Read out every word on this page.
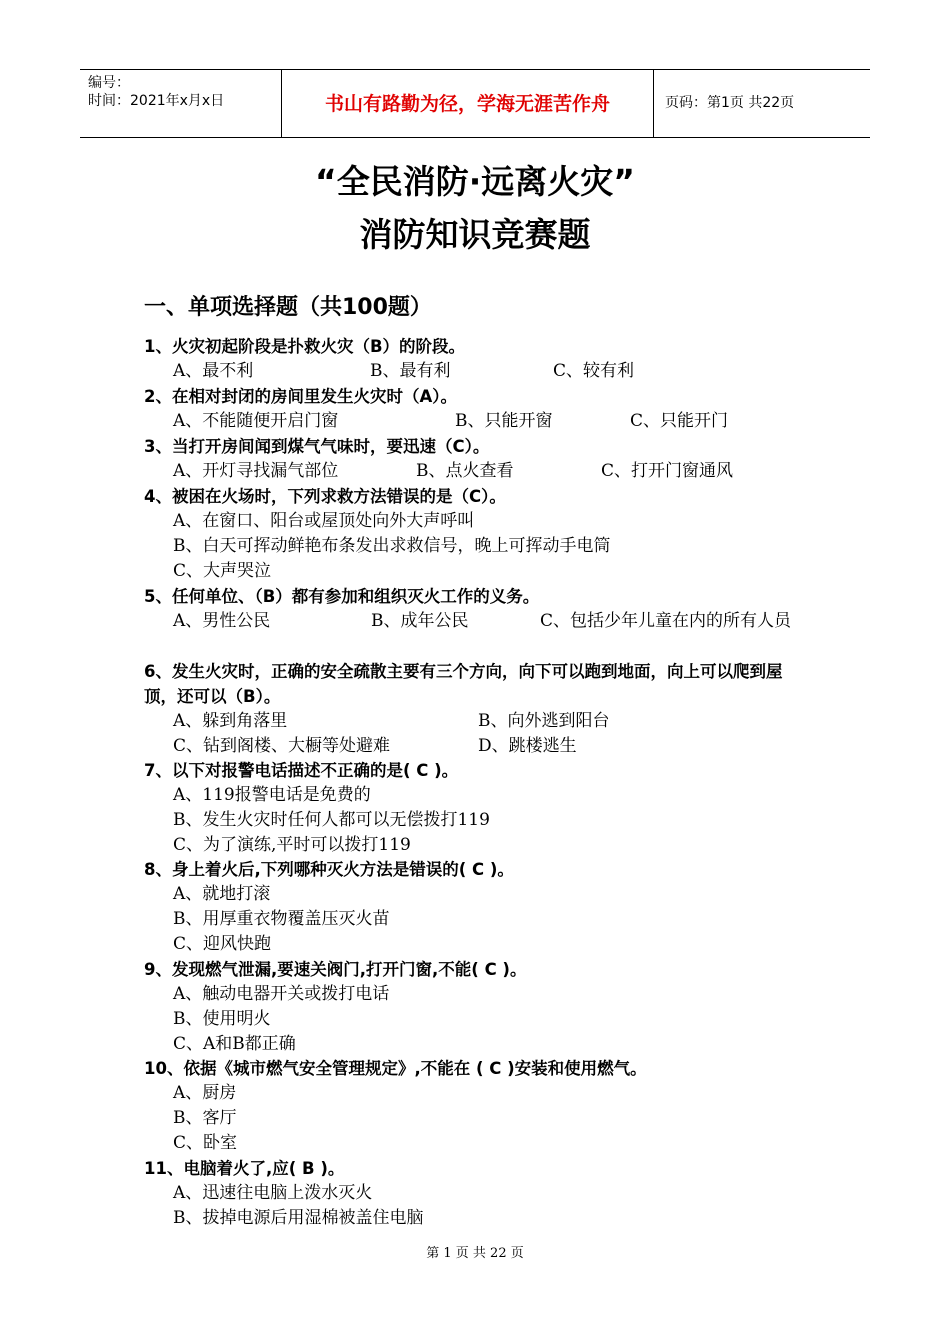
编号：
时间：2021年x月x日	书山有路勤为径，学海无涯苦作舟	页码：第1页 共22页
“全民消防·远离火灾”
消防知识竞赛题
一、单项选择题（共100题）
1、火灾初起阶段是扑救火灾（B）的阶段。
A、最不利	B、最有利	C、较有利
2、在相对封闭的房间里发生火灾时（A）。
A、不能随便开启门窗	B、只能开窗	C、只能开门
3、当打开房间闻到煤气气味时，要迅速（C）。
A、开灯寻找漏气部位	B、点火查看	C、打开门窗通风
4、被困在火场时，下列求救方法错误的是（C）。
A、在窗口、阳台或屋顶处向外大声呼叫
B、白天可挥动鲜艳布条发出求救信号，晚上可挥动手电筒
C、大声哭泣
5、任何单位、（B）都有参加和组织灭火工作的义务。
A、男性公民	B、成年公民	C、包括少年儿童在内的所有人员
6、发生火灾时，正确的安全疏散主要有三个方向，向下可以跑到地面，向上可以爬到屋顶，还可以（B）。
A、躲到角落里	B、向外逃到阳台
C、钻到阁楼、大橱等处避难	D、跳楼逃生
7、以下对报警电话描述不正确的是( C )。
A、119报警电话是免费的
B、发生火灾时任何人都可以无偿拨打119
C、为了演练,平时可以拨打119
8、身上着火后,下列哪种灭火方法是错误的( C )。
A、就地打滚
B、用厚重衣物覆盖压灭火苗
C、迎风快跑
9、发现燃气泄漏,要速关阀门,打开门窗,不能( C )。
A、触动电器开关或拨打电话
B、使用明火
C、A和B都正确
10、依据《城市燃气安全管理规定》,不能在 ( C )安装和使用燃气。
A、厨房
B、客厅
C、卧室
11、电脑着火了,应( B )。
A、迅速往电脑上泼水灭火
B、拔掉电源后用湿棉被盖住电脑
第 1 页 共 22 页
